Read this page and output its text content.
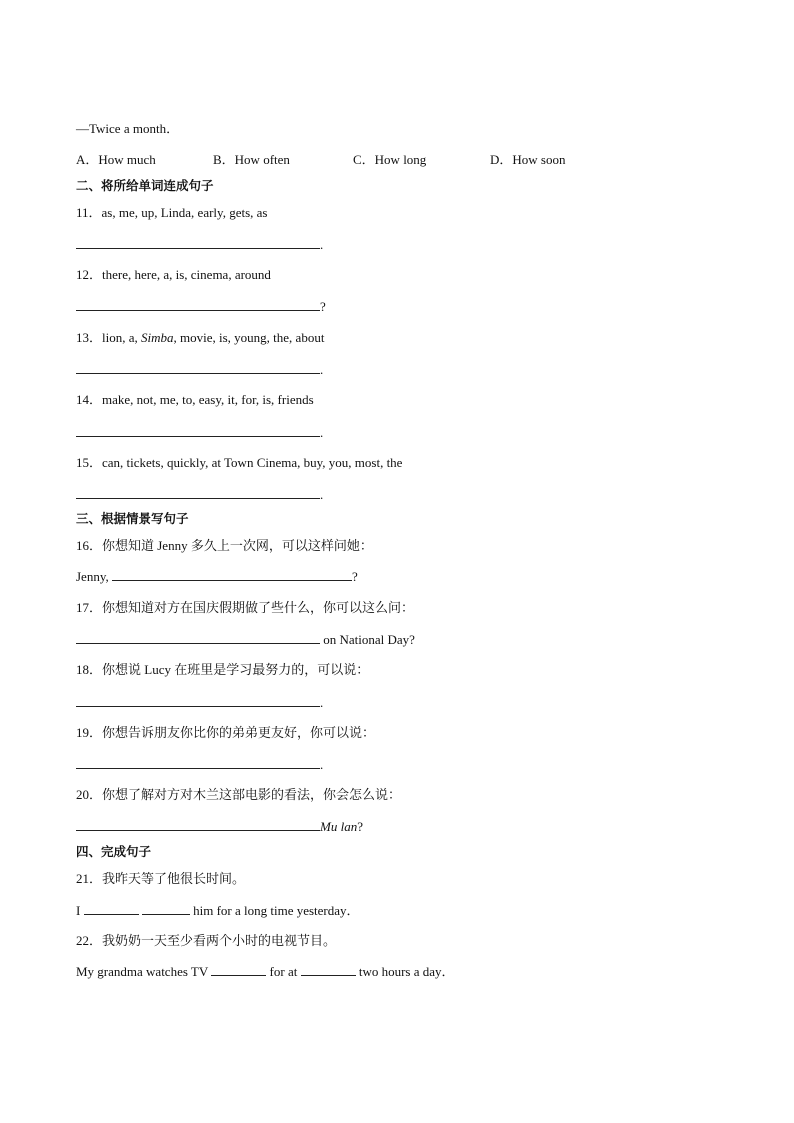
—Twice a month．
A．How much	B．How often	C．How long	D．How soon
二、将所给单词连成句子
11．as, me, up, Linda, early, gets, as
.
12．there, here, a, is, cinema, around
?
13．lion, a, Simba, movie, is, young, the, about
.
14．make, not, me, to, easy, it, for, is, friends
.
15．can, tickets, quickly, at Town Cinema, buy, you, most, the
.
三、根据情景写句子
16．你想知道 Jenny 多久上一次网，可以这样问她：
Jenny,	?
17．你想知道对方在国庆假期做了些什么，你可以这么问：
on National Day?
18．你想说 Lucy 在班里是学习最努力的，可以说：
.
19．你想告诉朋友你比你的弟弟更友好，你可以说：
.
20．你想了解对方对木兰这部电影的看法，你会怎么说：
Mu lan?
四、完成句子
21．我昨天等了他很长时间。
I	him for a long time yesterday．
22．我奶奶一天至少看两个小时的电视节目。
My grandma watches TV	for at	two hours a day．
